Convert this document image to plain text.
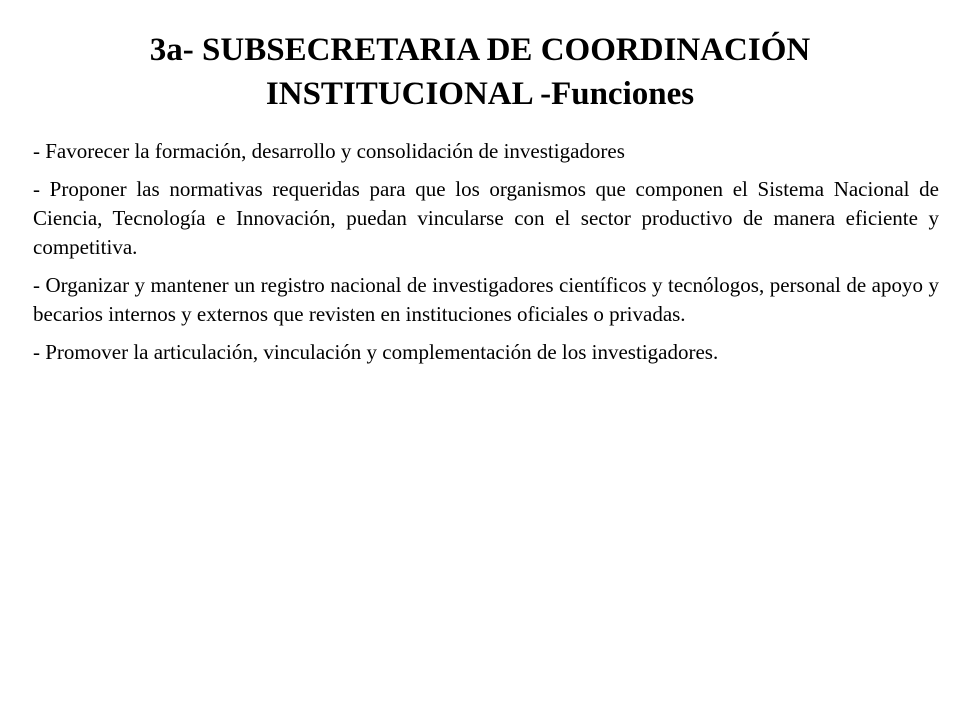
3a- SUBSECRETARIA DE COORDINACIÓN
INSTITUCIONAL -Funciones

- Favorecer la formación, desarrollo y consolidación de investigadores

- Proponer las normativas requeridas para que los organismos que componen el Sistema Nacional de Ciencia, Tecnología e Innovación, puedan vincularse con el sector productivo de manera eficiente y competitiva.

- Organizar y mantener un registro nacional de investigadores científicos y tecnólogos, personal de apoyo y becarios internos y externos que revisten en instituciones oficiales o privadas.

- Promover la articulación, vinculación y complementación de los investigadores.
